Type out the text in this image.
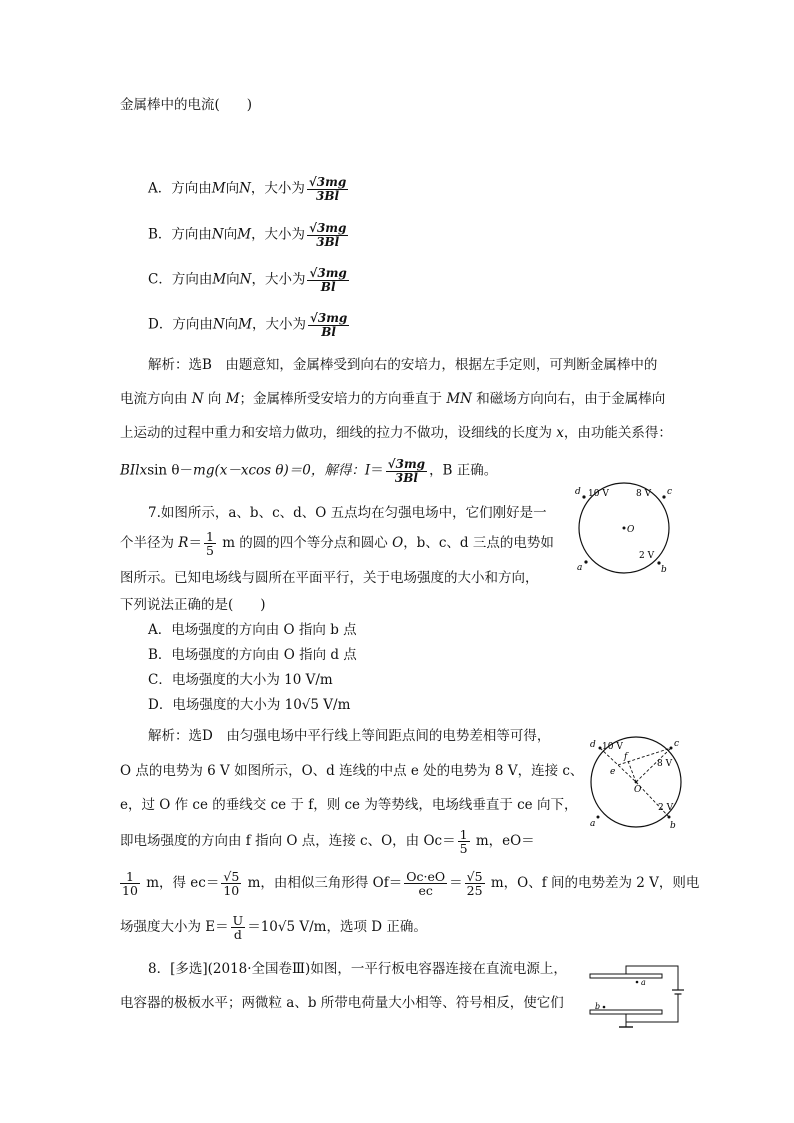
金属棒中的电流(　　)
A．方向由M向N，大小为 $\frac{√3mg}{3Bl}$
B．方向由N向M，大小为 $\frac{√3mg}{3Bl}$
C．方向由M向N，大小为 $\frac{√3mg}{Bl}$
D．方向由N向M，大小为 $\frac{√3mg}{Bl}$
解析：选B　 由题意知，金属棒受到向右的安培力，根据左手定则，可判断金属棒中的
电流方向由 N 向 M；金属棒所受安培力的方向垂直于 MN 和磁场方向向右，由于金属棒向
上运动的过程中重力和安培力做功，细线的拉力不做功，设细线的长度为 x，由功能关系得：
BIlxsin θ－mg(x－xcos θ)＝0，解得：$I= \frac{√3mg}{3Bl}$ ，B 正确。
7.如图所示，a、b、c、d、O 五点均在匀强电场中，它们刚好是一
个半径为 $R= \frac{1}{5}$ m 的圆的四个等分点和圆心 O，b、c、d 三点的电势如
图所示。已知电场线与圆所在平面平行，关于电场强度的大小和方向，
下列说法正确的是(　　)
A．电场强度的方向由 O 指向 b 点
B．电场强度的方向由 O 指向 d 点
C．电场强度的大小为 10 V/m
D．电场强度的大小为 10√5 V/m
d 10 V	8 V c
O
2 V
a	b
解析：选D　 由匀强电场中平行线上等间距点间的电势差相等可得，
O 点的电势为 6 V 如图所示，O、d 连线的中点 e 处的电势为 8 V，连接 c、
e，过 O 作 ce 的垂线交 ce 于 f，则 ce 为等势线，电场线垂直于 ce 向下，
即电场强度的方向由 f 指向 O 点，连接 c、O，由 $Oc= \frac{1}{5}$ m，eO＝
$\frac{1}{10}$ m，得 $ec= \frac{√5}{10}$ m，由相似三角形得 $Of= \frac{Oc\cdot eO}{ec} = \frac{√5}{25}$ m，O、f 间的电势差为 2 V，则电
场强度大小为 $E= \frac{U}{d} =10√5$ V/m，选项 D 正确。
d 10 V	c
f
8 V
e
O
2 V
a	b
8．[多选](2018·全国卷Ⅲ)如图，一平行板电容器连接在直流电源上，
电容器的极板水平；两微粒 a、b 所带电荷量大小相等、符号相反，使它们
a
b
